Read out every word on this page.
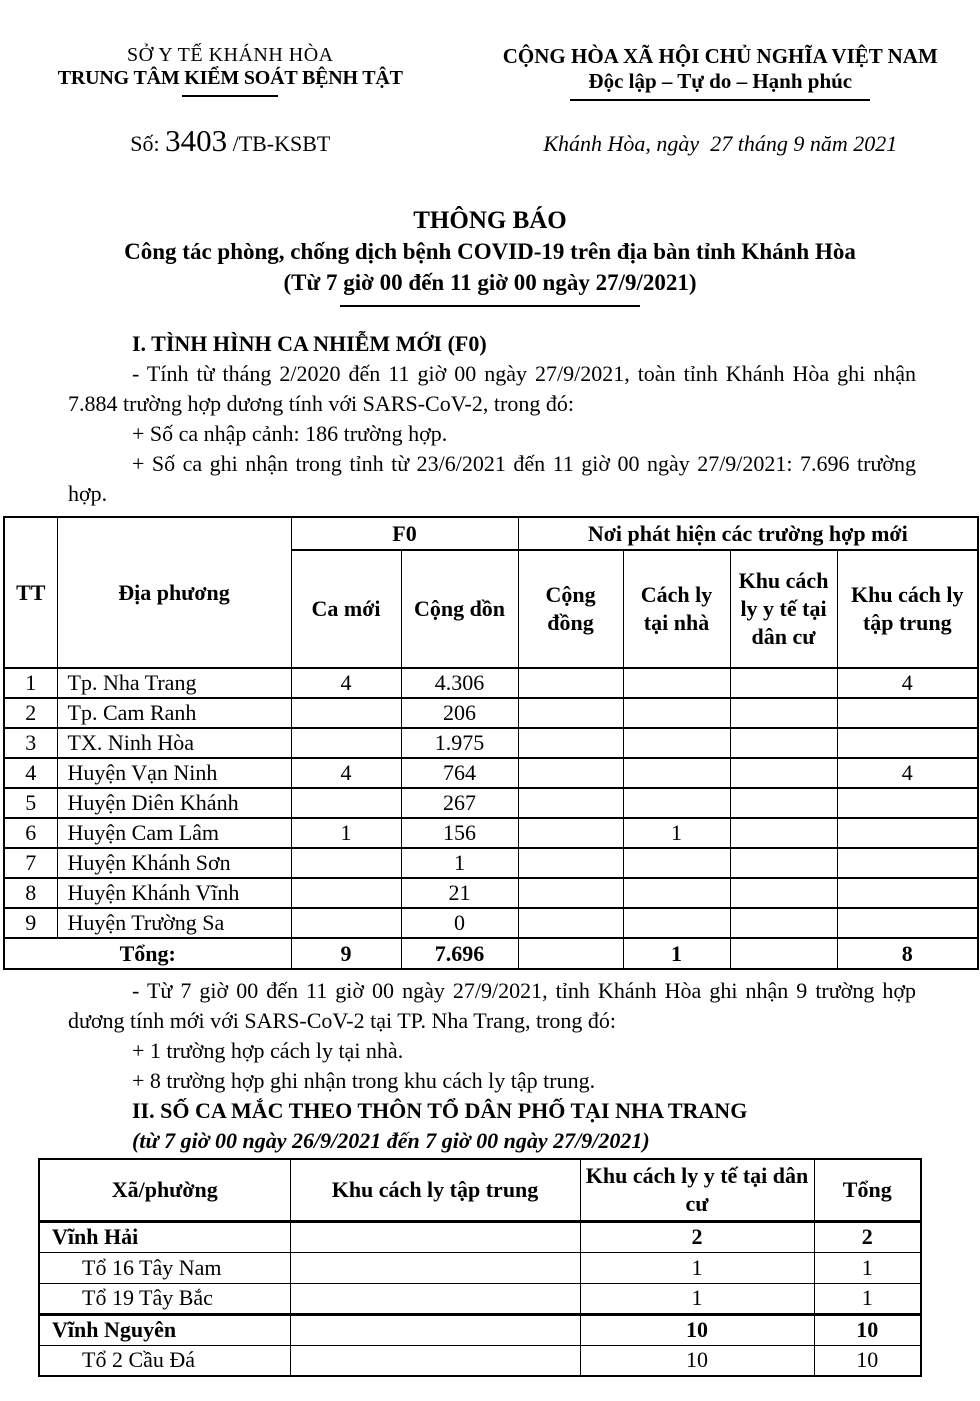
SỞ Y TẾ KHÁNH HÒA
TRUNG TÂM KIỂM SOÁT BỆNH TẬT
CỘNG HÒA XÃ HỘI CHỦ NGHĨA VIỆT NAM
Độc lập – Tự do – Hạnh phúc
Số: 3403 /TB-KSBT	Khánh Hòa, ngày  27 tháng 9 năm 2021
THÔNG BÁO
Công tác phòng, chống dịch bệnh COVID-19 trên địa bàn tỉnh Khánh Hòa
(Từ 7 giờ 00 đến 11 giờ 00 ngày 27/9/2021)
I. TÌNH HÌNH CA NHIỄM MỚI (F0)

- Tính từ tháng 2/2020 đến 11 giờ 00 ngày 27/9/2021, toàn tỉnh Khánh Hòa ghi nhận 7.884 trường hợp dương tính với SARS-CoV-2, trong đó:

+ Số ca nhập cảnh: 186 trường hợp.

+ Số ca ghi nhận trong tỉnh từ 23/6/2021 đến 11 giờ 00 ngày 27/9/2021: 7.696 trường hợp.

TT	Địa phương	F0		Nơi phát hiện các trường hợp mới			
		Ca mới	Cộng dồn	Cộng đồng	Cách ly tại nhà	Khu cách ly y tế tại dân cư	Khu cách ly tập trung
1	Tp. Nha Trang	4	4.306				4
2	Tp. Cam Ranh		206				
3	TX. Ninh Hòa		1.975				
4	Huyện Vạn Ninh	4	764				4
5	Huyện Diên Khánh		267				
6	Huyện Cam Lâm	1	156		1		
7	Huyện Khánh Sơn		1				
8	Huyện Khánh Vĩnh		21				
9	Huyện Trường Sa		0				
Tổng:		9	7.696		1		8

- Từ 7 giờ 00 đến 11 giờ 00 ngày 27/9/2021, tỉnh Khánh Hòa ghi nhận 9 trường hợp dương tính mới với SARS-CoV-2 tại TP. Nha Trang, trong đó:

+ 1 trường hợp cách ly tại nhà.

+ 8 trường hợp ghi nhận trong khu cách ly tập trung.

II. SỐ CA MẮC THEO THÔN TỔ DÂN PHỐ TẠI NHA TRANG
(từ 7 giờ 00 ngày 26/9/2021 đến 7 giờ 00 ngày 27/9/2021)
Xã/phường	Khu cách ly tập trung	Khu cách ly y tế tại dân cư	Tổng
Vĩnh Hải		2	2
Tổ 16 Tây Nam		1	1
Tổ 19 Tây Bắc		1	1
Vĩnh Nguyên		10	10
Tổ 2 Cầu Đá		10	10
